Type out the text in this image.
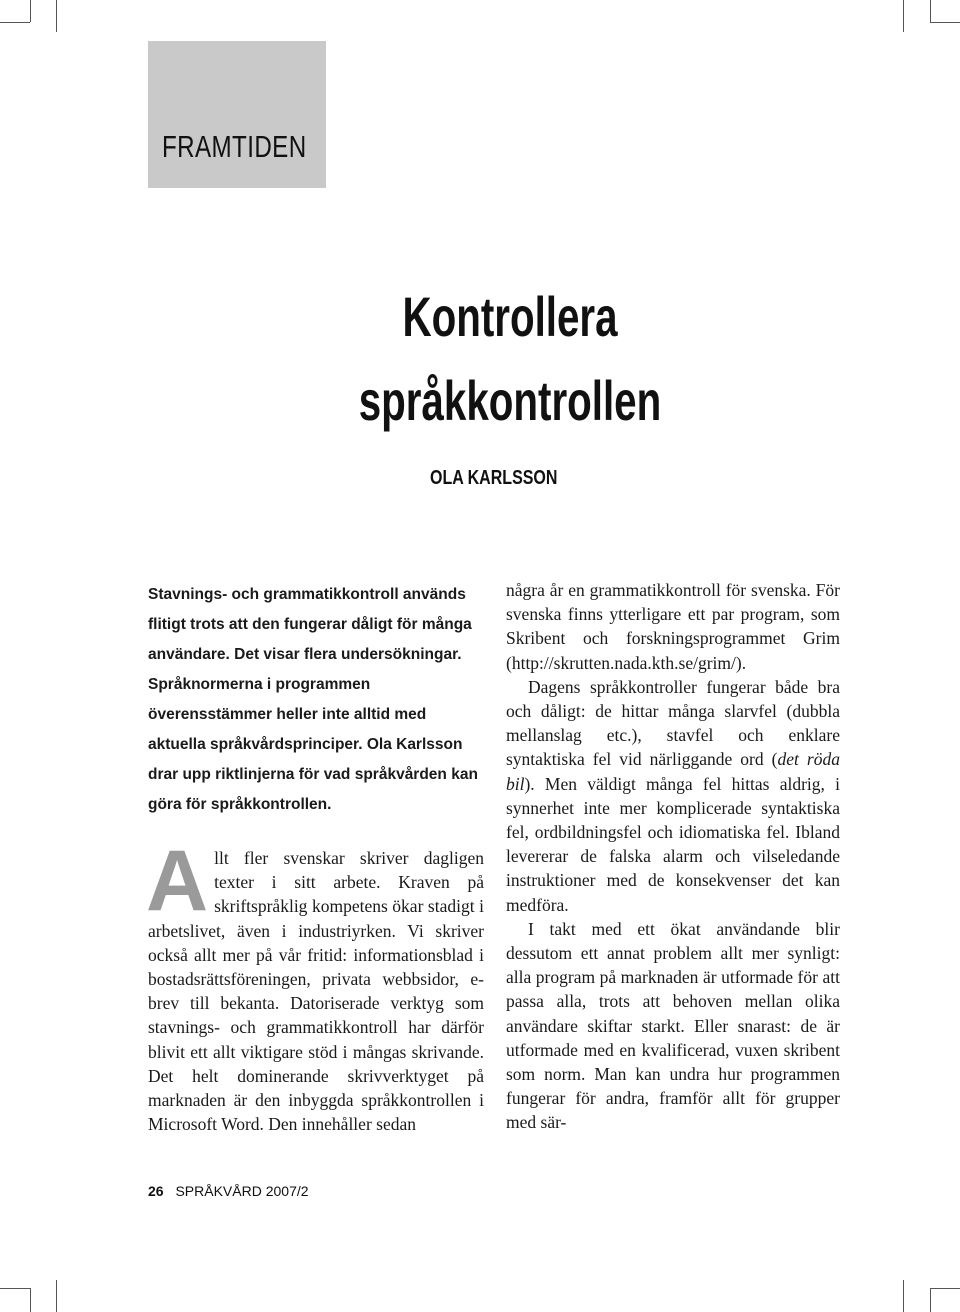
FRAMTIDEN
Kontrollera
språkkontrollen
OLA KARLSSON
Stavnings- och grammatikkontroll används flitigt trots att den fungerar dåligt för många användare. Det visar flera undersökningar. Språknormerna i programmen överensstämmer heller inte alltid med aktuella språkvårdsprinciper. Ola Karlsson drar upp riktlinjerna för vad språkvården kan göra för språkkontrollen.

Allt fler svenskar skriver dagligen texter i sitt arbete. Kraven på skriftspråklig kompetens ökar stadigt i arbetslivet, även i industriyrken. Vi skriver också allt mer på vår fritid: informationsblad i bostadsrättsföreningen, privata webbsidor, e-brev till bekanta. Datoriserade verktyg som stavnings- och grammatikkontroll har därför blivit ett allt viktigare stöd i mångas skrivande. Det helt dominerande skrivverktyget på marknaden är den inbyggda språkkontrollen i Microsoft Word. Den innehåller sedan

några år en grammatikkontroll för svenska. För svenska finns ytterligare ett par program, som Skribent och forskningsprogrammet Grim (http://skrutten.nada.kth.se/grim/).

Dagens språkkontroller fungerar både bra och dåligt: de hittar många slarvfel (dubbla mellanslag etc.), stavfel och enklare syntaktiska fel vid närliggande ord (det röda bil). Men väldigt många fel hittas aldrig, i synnerhet inte mer komplicerade syntaktiska fel, ordbildningsfel och idiomatiska fel. Ibland levererar de falska alarm och vilseledande instruktioner med de konsekvenser det kan medföra.

I takt med ett ökat användande blir dessutom ett annat problem allt mer synligt: alla program på marknaden är utformade för att passa alla, trots att behoven mellan olika användare skiftar starkt. Eller snarast: de är utformade med en kvalificerad, vuxen skribent som norm. Man kan undra hur programmen fungerar för andra, framför allt för grupper med sär-

26 SPRÅKVÅRD 2007/2
